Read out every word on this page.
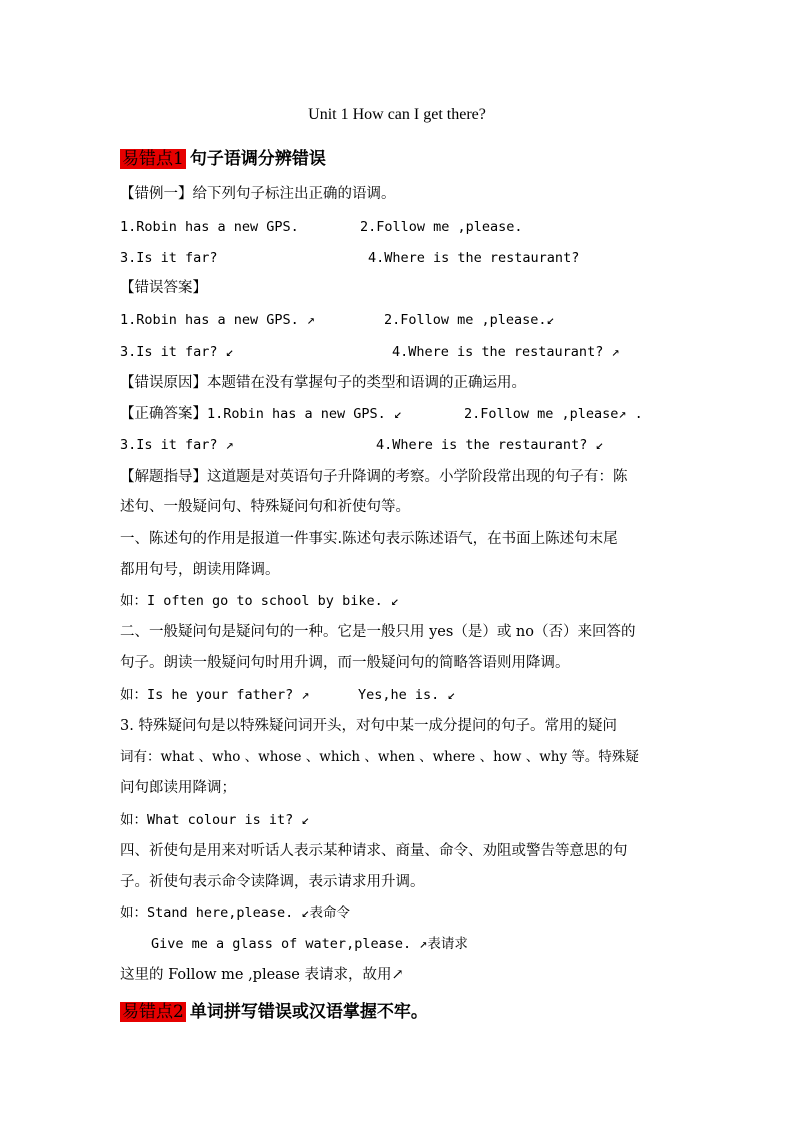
Unit 1 How can I get there?
易错点1 句子语调分辨错误
【错例一】给下列句子标注出正确的语调。
1.Robin has a new GPS.	2.Follow me ,please.
3.Is it far?	4.Where is the restaurant?
【错误答案】
1.Robin has a new GPS. ↗	2.Follow me ,please.↙
3.Is it far? ↙	4.Where is the restaurant? ↗
【错误原因】本题错在没有掌握句子的类型和语调的正确运用。
【正确答案】1.Robin has a new GPS. ↙	2.Follow me ,please↗ .
3.Is it far? ↗	4.Where is the restaurant? ↙
【解题指导】这道题是对英语句子升降调的考察。小学阶段常出现的句子有：陈
述句、一般疑问句、特殊疑问句和祈使句等。
一、陈述句的作用是报道一件事实.陈述句表示陈述语气，在书面上陈述句末尾
都用句号，朗读用降调。
如：I often go to school by bike. ↙
二、一般疑问句是疑问句的一种。它是一般只用 yes（是）或 no（否）来回答的
句子。朗读一般疑问句时用升调，而一般疑问句的简略答语则用降调。
如：Is he your father? ↗	Yes,he is. ↙
3. 特殊疑问句是以特殊疑问词开头，对句中某一成分提问的句子。常用的疑问
词有：what 、who 、whose 、which 、when 、where 、how 、why 等。特殊疑
问句郎读用降调；
如：What colour is it? ↙
四、祈使句是用来对听话人表示某种请求、商量、命令、劝阻或警告等意思的句
子。祈使句表示命令读降调，表示请求用升调。
如：Stand here,please. ↙表命令
Give me a glass of water,please. ↗表请求
这里的 Follow me ,please 表请求，故用↗
易错点2 单词拼写错误或汉语掌握不牢。
